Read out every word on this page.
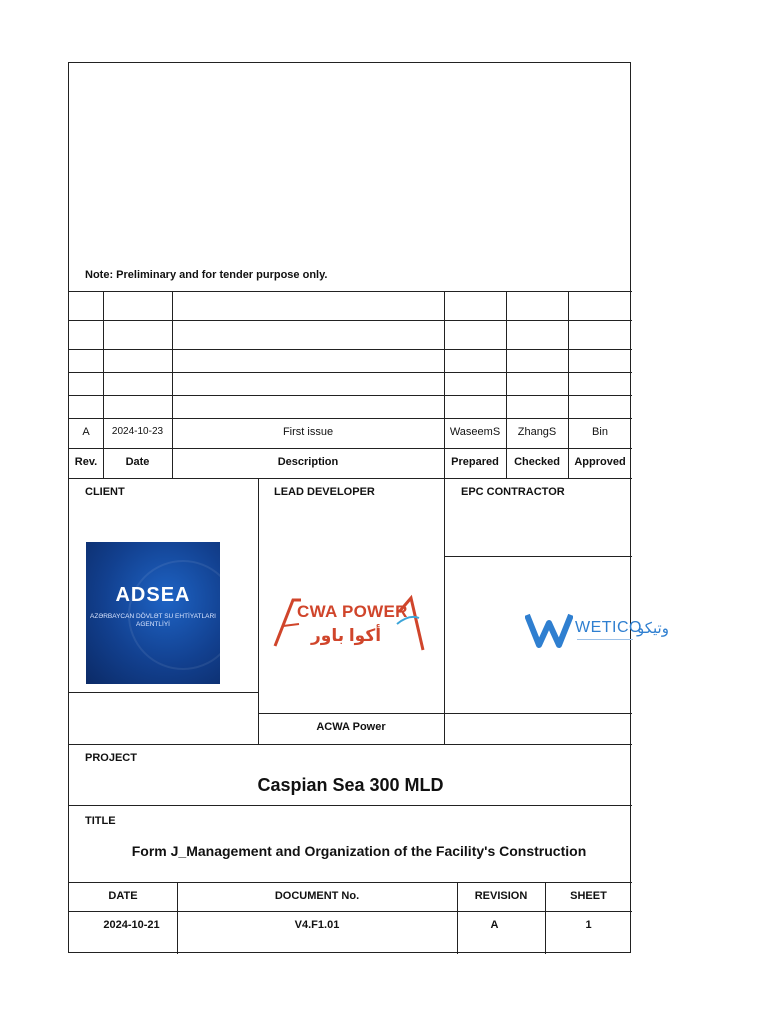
Note: Preliminary and for tender purpose only.
A	2024-10-23	First issue	WaseemS	ZhangS	Bin
Rev.	Date	Description	Prepared	Checked	Approved
CLIENT	LEAD DEVELOPER	EPC CONTRACTOR
ADSEA
AZƏRBAYCAN DÖVLƏT SU EHTİYATLARI AGENTLİYİ
CWA POWER
أكوا باور
ACWA Power
WETICO
وتيكو
PROJECT
Caspian Sea 300 MLD
TITLE
Form J_Management and Organization of the Facility's Construction
DATE	DOCUMENT No.	REVISION	SHEET
2024-10-21	V4.F1.01	A	1
